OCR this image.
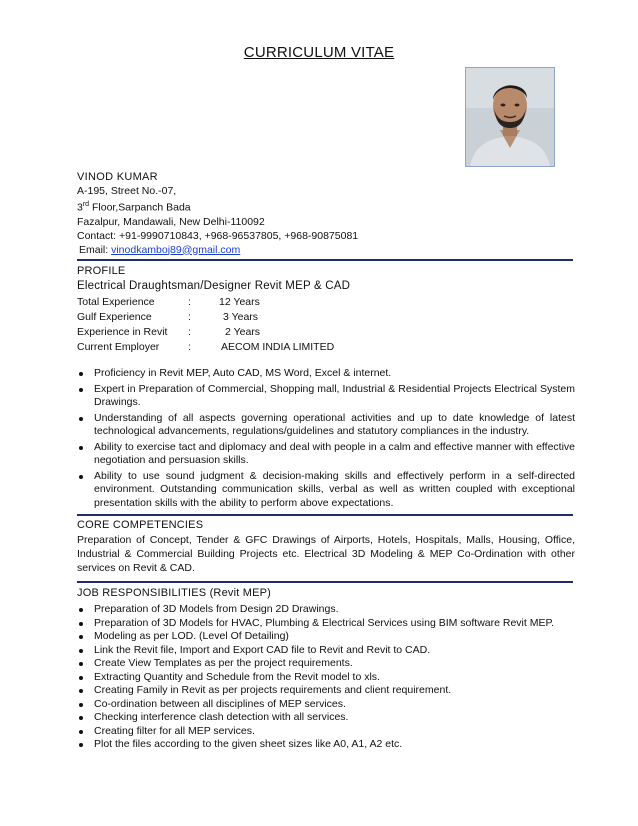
CURRICULUM VITAE
VINOD KUMAR
A-195, Street No.-07,
3rd Floor,Sarpanch Bada
Fazalpur, Mandawali, New Delhi-110092
Contact: +91-9990710843, +968-96537805, +968-90875081
Email: vinodkamboj89@gmail.com
PROFILE
Electrical Draughtsman/Designer Revit MEP & CAD
Total Experience	:	12 Years
Gulf Experience	:	3 Years
Experience in Revit	:	2 Years
Current Employer	:	AECOM INDIA LIMITED
Proficiency in Revit MEP, Auto CAD, MS Word, Excel & internet.
Expert in Preparation of Commercial, Shopping mall, Industrial & Residential Projects Electrical System Drawings.
Understanding of all aspects governing operational activities and up to date knowledge of latest technological advancements, regulations/guidelines and statutory compliances in the industry.
Ability to exercise tact and diplomacy and deal with people in a calm and effective manner with effective negotiation and persuasion skills.
Ability to use sound judgment & decision-making skills and effectively perform in a self-directed environment. Outstanding communication skills, verbal as well as written coupled with exceptional presentation skills with the ability to perform above expectations.
CORE COMPETENCIES
Preparation of Concept, Tender & GFC Drawings of Airports, Hotels, Hospitals, Malls, Housing, Office, Industrial & Commercial Building Projects etc. Electrical 3D Modeling & MEP Co-Ordination with other services on Revit & CAD.
JOB RESPONSIBILITIES (Revit MEP)
Preparation of 3D Models from Design 2D Drawings.
Preparation of 3D Models for HVAC, Plumbing & Electrical Services using BIM software Revit MEP.
Modeling as per LOD. (Level Of Detailing)
Link the Revit file, Import and Export CAD file to Revit and Revit to CAD.
Create View Templates as per the project requirements.
Extracting Quantity and Schedule from the Revit model to xls.
Creating Family in Revit as per projects requirements and client requirement.
Co-ordination between all disciplines of MEP services.
Checking interference clash detection with all services.
Creating filter for all MEP services.
Plot the files according to the given sheet sizes like A0, A1, A2 etc.
